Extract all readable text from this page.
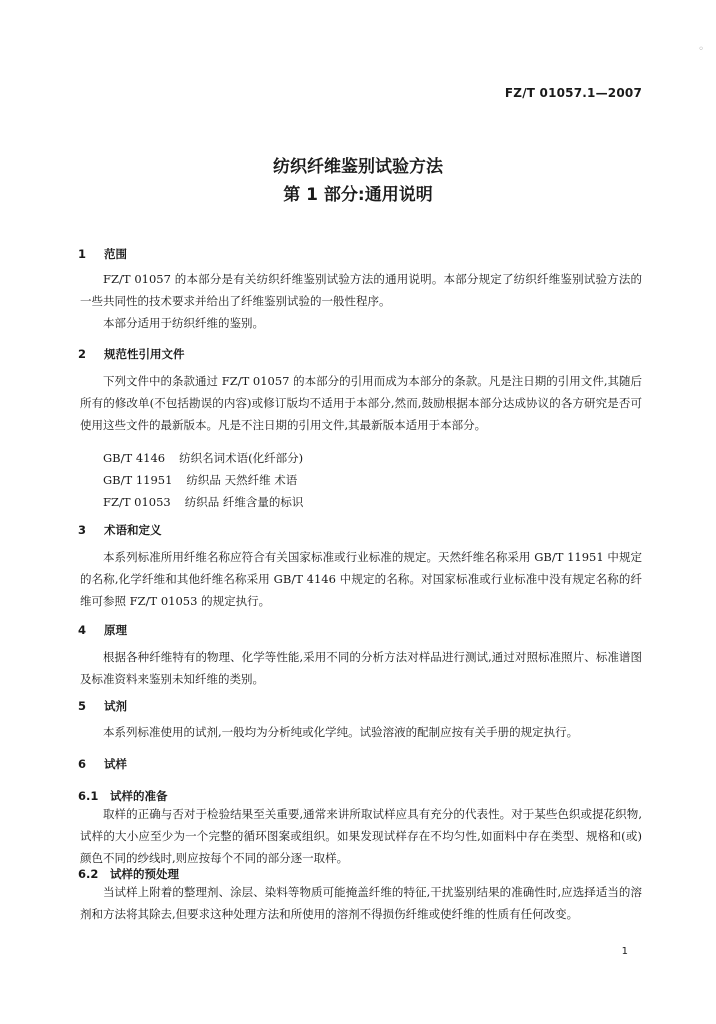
FZ/T 01057.1—2007
纺织纤维鉴别试验方法
第 1 部分:通用说明
1 范围

FZ/T 01057 的本部分是有关纺织纤维鉴别试验方法的通用说明。本部分规定了纺织纤维鉴别试验方法的一些共同性的技术要求并给出了纤维鉴别试验的一般性程序。

本部分适用于纺织纤维的鉴别。

2 规范性引用文件

下列文件中的条款通过 FZ/T 01057 的本部分的引用而成为本部分的条款。凡是注日期的引用文件,其随后所有的修改单(不包括勘误的内容)或修订版均不适用于本部分,然而,鼓励根据本部分达成协议的各方研究是否可使用这些文件的最新版本。凡是不注日期的引用文件,其最新版本适用于本部分。

GB/T 4146 纺织名词术语(化纤部分)
GB/T 11951 纺织品 天然纤维 术语
FZ/T 01053 纺织品 纤维含量的标识
3 术语和定义

本系列标准所用纤维名称应符合有关国家标准或行业标准的规定。天然纤维名称采用 GB/T 11951 中规定的名称,化学纤维和其他纤维名称采用 GB/T 4146 中规定的名称。对国家标准或行业标准中没有规定名称的纤维可参照 FZ/T 01053 的规定执行。

4 原理

根据各种纤维特有的物理、化学等性能,采用不同的分析方法对样品进行测试,通过对照标准照片、标准谱图及标准资料来鉴别未知纤维的类别。

5 试剂

本系列标准使用的试剂,一般均为分析纯或化学纯。试验溶液的配制应按有关手册的规定执行。

6 试样
6.1 试样的准备

取样的正确与否对于检验结果至关重要,通常来讲所取试样应具有充分的代表性。对于某些色织或提花织物,试样的大小应至少为一个完整的循环图案或组织。如果发现试样存在不均匀性,如面料中存在类型、规格和(或)颜色不同的纱线时,则应按每个不同的部分逐一取样。

6.2 试样的预处理

当试样上附着的整理剂、涂层、染料等物质可能掩盖纤维的特征,干扰鉴别结果的准确性时,应选择适当的溶剂和方法将其除去,但要求这种处理方法和所使用的溶剂不得损伤纤维或使纤维的性质有任何改变。

1
◦
